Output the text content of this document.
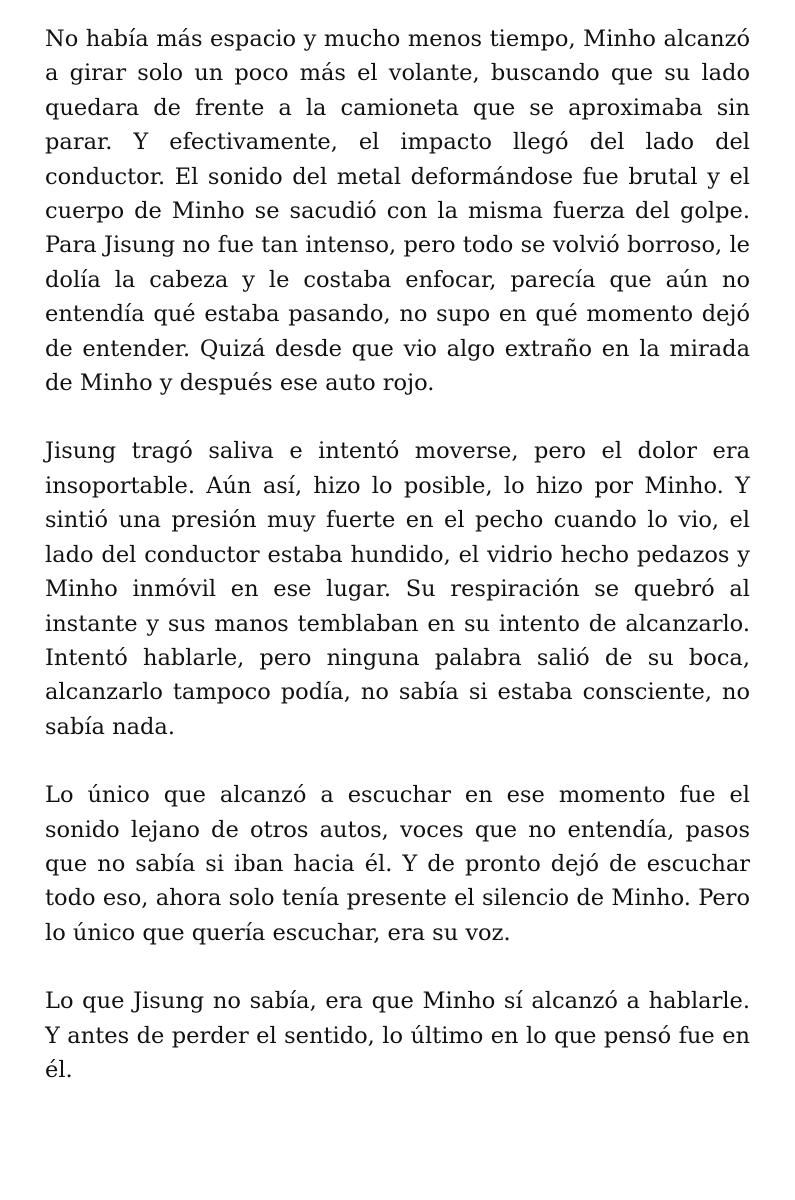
No había más espacio y mucho menos tiempo, Minho alcanzó a girar solo un poco más el volante, buscando que su lado quedara de frente a la camioneta que se aproximaba sin parar. Y efectivamente, el impacto llegó del lado del conductor. El sonido del metal deformándose fue brutal y el cuerpo de Minho se sacudió con la misma fuerza del golpe. Para Jisung no fue tan intenso, pero todo se volvió borroso, le dolía la cabeza y le costaba enfocar, parecía que aún no entendía qué estaba pasando, no supo en qué momento dejó de entender. Quizá desde que vio algo extraño en la mirada de Minho y después ese auto rojo.

Jisung tragó saliva e intentó moverse, pero el dolor era insoportable. Aún así, hizo lo posible, lo hizo por Minho. Y sintió una presión muy fuerte en el pecho cuando lo vio, el lado del conductor estaba hundido, el vidrio hecho pedazos y Minho inmóvil en ese lugar. Su respiración se quebró al instante y sus manos temblaban en su intento de alcanzarlo. Intentó hablarle, pero ninguna palabra salió de su boca, alcanzarlo tampoco podía, no sabía si estaba consciente, no sabía nada.

Lo único que alcanzó a escuchar en ese momento fue el sonido lejano de otros autos, voces que no entendía, pasos que no sabía si iban hacia él. Y de pronto dejó de escuchar todo eso, ahora solo tenía presente el silencio de Minho. Pero lo único que quería escuchar, era su voz.

Lo que Jisung no sabía, era que Minho sí alcanzó a hablarle. Y antes de perder el sentido, lo último en lo que pensó fue en él.
